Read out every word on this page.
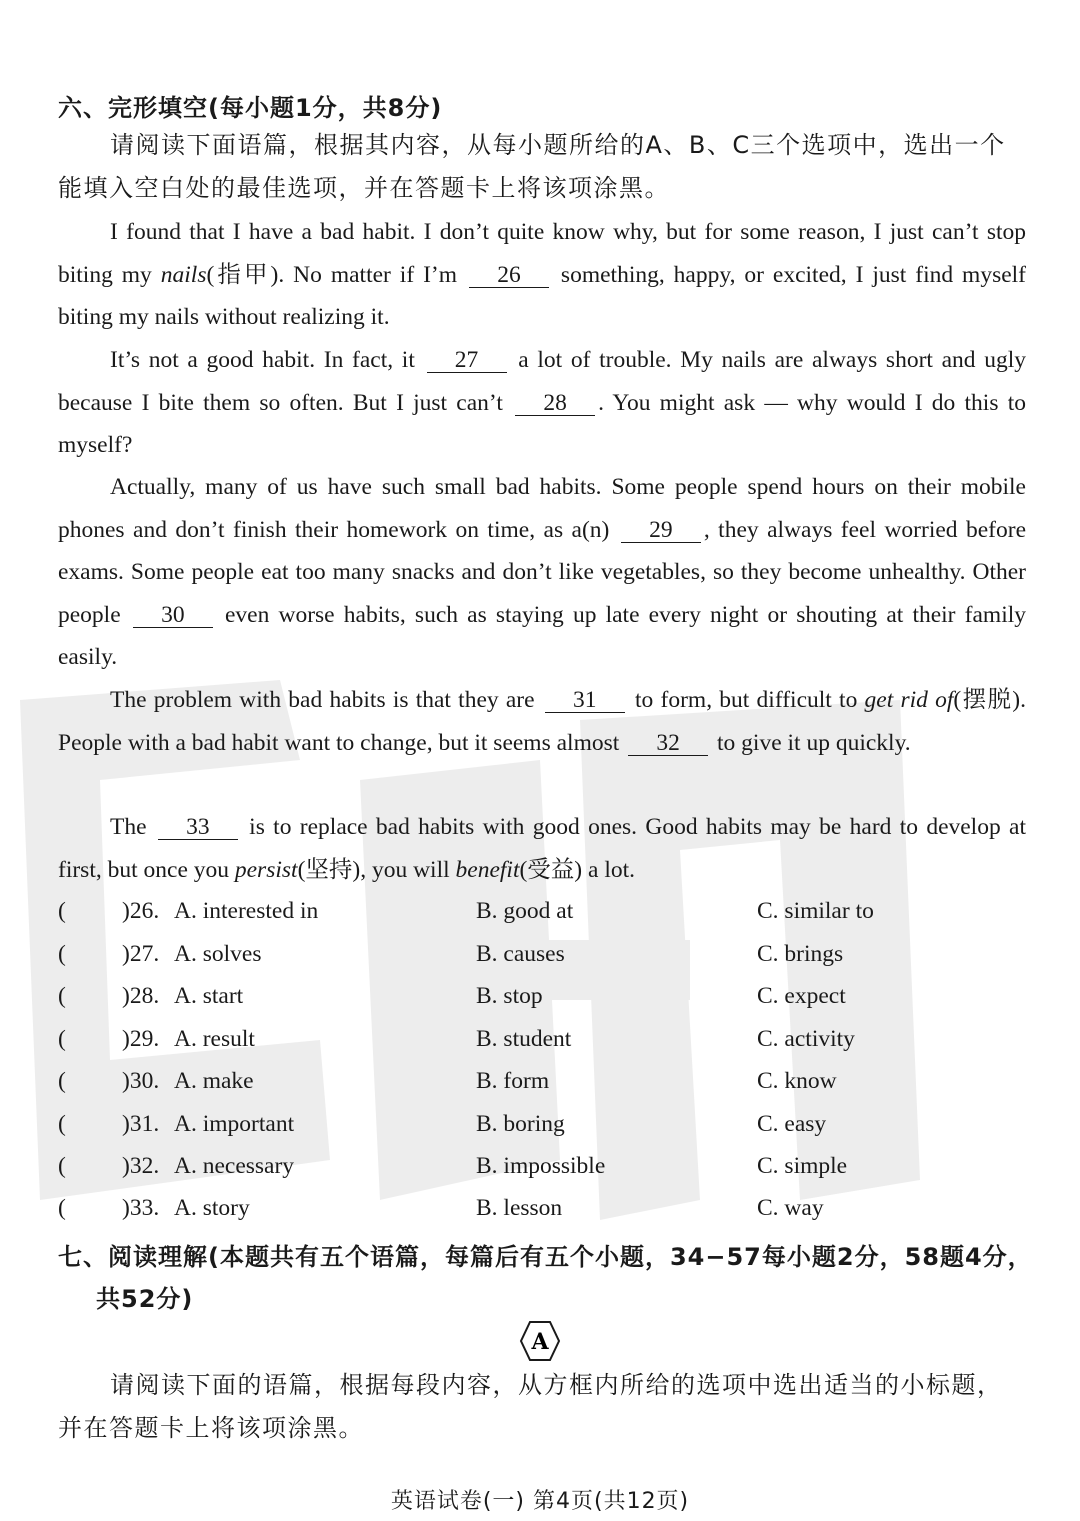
六、完形填空(每小题1分，共8分)
请阅读下面语篇，根据其内容，从每小题所给的A、B、C三个选项中，选出一个能填入空白处的最佳选项，并在答题卡上将该项涂黑。
I found that I have a bad habit. I don’t quite know why, but for some reason, I just can’t stop biting my nails(指甲). No matter if I’m 26 something, happy, or excited, I just find myself biting my nails without realizing it.
It’s not a good habit. In fact, it 27 a lot of trouble. My nails are always short and ugly because I bite them so often. But I just can’t 28 . You might ask — why would I do this to myself?
Actually, many of us have such small bad habits. Some people spend hours on their mobile phones and don’t finish their homework on time, as a(n) 29 , they always feel worried before exams. Some people eat too many snacks and don’t like vegetables, so they become unhealthy. Other people 30 even worse habits, such as staying up late every night or shouting at their family easily.
The problem with bad habits is that they are 31 to form, but difficult to get rid of(摆脱). People with a bad habit want to change, but it seems almost 32 to give it up quickly.
The 33 is to replace bad habits with good ones. Good habits may be hard to develop at first, but once you persist(坚持), you will benefit(受益) a lot.
( )26. A. interested in	B. good at	C. similar to
( )27. A. solves	B. causes	C. brings
( )28. A. start	B. stop	C. expect
( )29. A. result	B. student	C. activity
( )30. A. make	B. form	C. know
( )31. A. important	B. boring	C. easy
( )32. A. necessary	B. impossible	C. simple
( )33. A. story	B. lesson	C. way
七、阅读理解(本题共有五个语篇，每篇后有五个小题，34−57每小题2分，58题4分，
共52分)
A
请阅读下面的语篇，根据每段内容，从方框内所给的选项中选出适当的小标题，并在答题卡上将该项涂黑。
英语试卷(一) 第4页(共12页)
